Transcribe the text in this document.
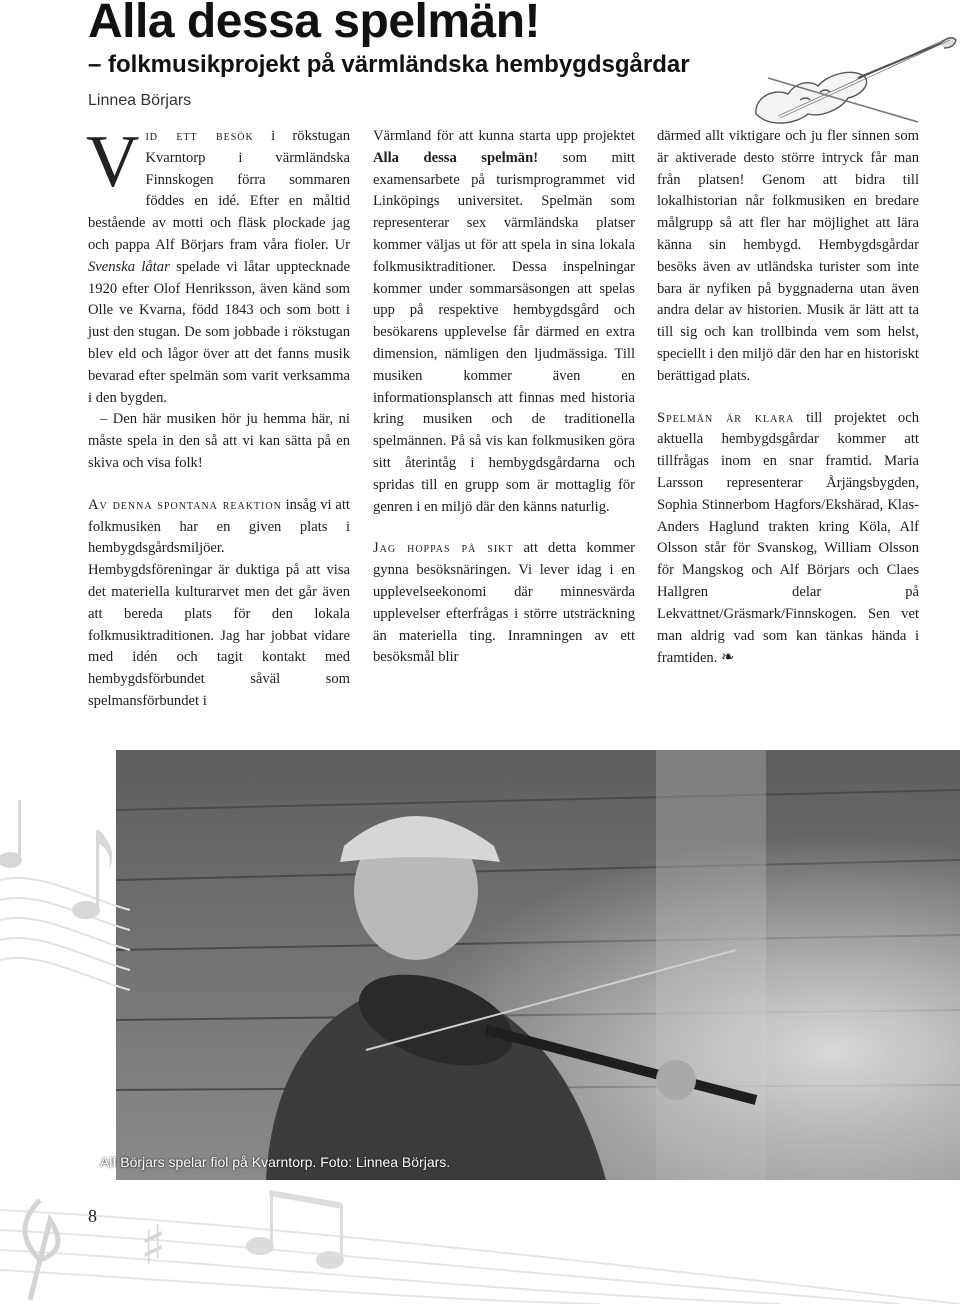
Alla dessa spelmän!
– folkmusikprojekt på värmländska hembygdsgårdar
Linnea Börjars

Vid ett besök i rökstugan Kvarntorp i värmländska Finnskogen förra sommaren föddes en idé. Efter en måltid bestående av motti och fläsk plockade jag och pappa Alf Börjars fram våra fioler. Ur Svenska låtar spelade vi låtar upptecknade 1920 efter Olof Henriksson, även känd som Olle ve Kvarna, född 1843 och som bott i just den stugan. De som jobbade i rökstugan blev eld och lågor över att det fanns musik bevarad efter spelmän som varit verksamma i den bygden.

– Den här musiken hör ju hemma här, ni måste spela in den så att vi kan sätta på en skiva och visa folk!

Av denna spontana reaktion insåg vi att folkmusiken har en given plats i hembygdsgårdsmiljöer. Hembygdsföreningar är duktiga på att visa det materiella kulturarvet men det går även att bereda plats för den lokala folkmusiktraditionen. Jag har jobbat vidare med idén och tagit kontakt med hembygdsförbundet såväl som spelmansförbundet i

Värmland för att kunna starta upp projektet Alla dessa spelmän! som mitt examensarbete på turismprogrammet vid Linköpings universitet. Spelmän som representerar sex värmländska platser kommer väljas ut för att spela in sina lokala folkmusiktraditioner. Dessa inspelningar kommer under sommarsäsongen att spelas upp på respektive hembygdsgård och besökarens upplevelse får därmed en extra dimension, nämligen den ljudmässiga. Till musiken kommer även en informationsplansch att finnas med historia kring musiken och de traditionella spelmännen. På så vis kan folkmusiken göra sitt återintåg i hembygdsgårdarna och spridas till en grupp som är mottaglig för genren i en miljö där den känns naturlig.

Jag hoppas på sikt att detta kommer gynna besöksnäringen. Vi lever idag i en upplevelseekonomi där minnesvärda upplevelser efterfrågas i större utsträckning än materiella ting. Inramningen av ett besöksmål blir

därmed allt viktigare och ju fler sinnen som är aktiverade desto större intryck får man från platsen! Genom att bidra till lokalhistorian når folkmusiken en bredare målgrupp så att fler har möjlighet att lära känna sin hembygd. Hembygdsgårdar besöks även av utländska turister som inte bara är nyfiken på byggnaderna utan även andra delar av historien. Musik är lätt att ta till sig och kan trollbinda vem som helst, speciellt i den miljö där den har en historiskt berättigad plats.

Spelmän är klara till projektet och aktuella hembygdsgårdar kommer att tillfrågas inom en snar framtid. Maria Larsson representerar Årjängsbygden, Sophia Stinnerbom Hagfors/Ekshärad, Klas-Anders Haglund trakten kring Köla, Alf Olsson står för Svanskog, William Olsson för Mangskog och Alf Börjars och Claes Hallgren delar på Lekvattnet/Gräsmark/Finnskogen. Sen vet man aldrig vad som kan tänkas hända i framtiden. ❧

Alf Börjars spelar fiol på Kvarntorp. Foto: Linnea Börjars.
♯
8
